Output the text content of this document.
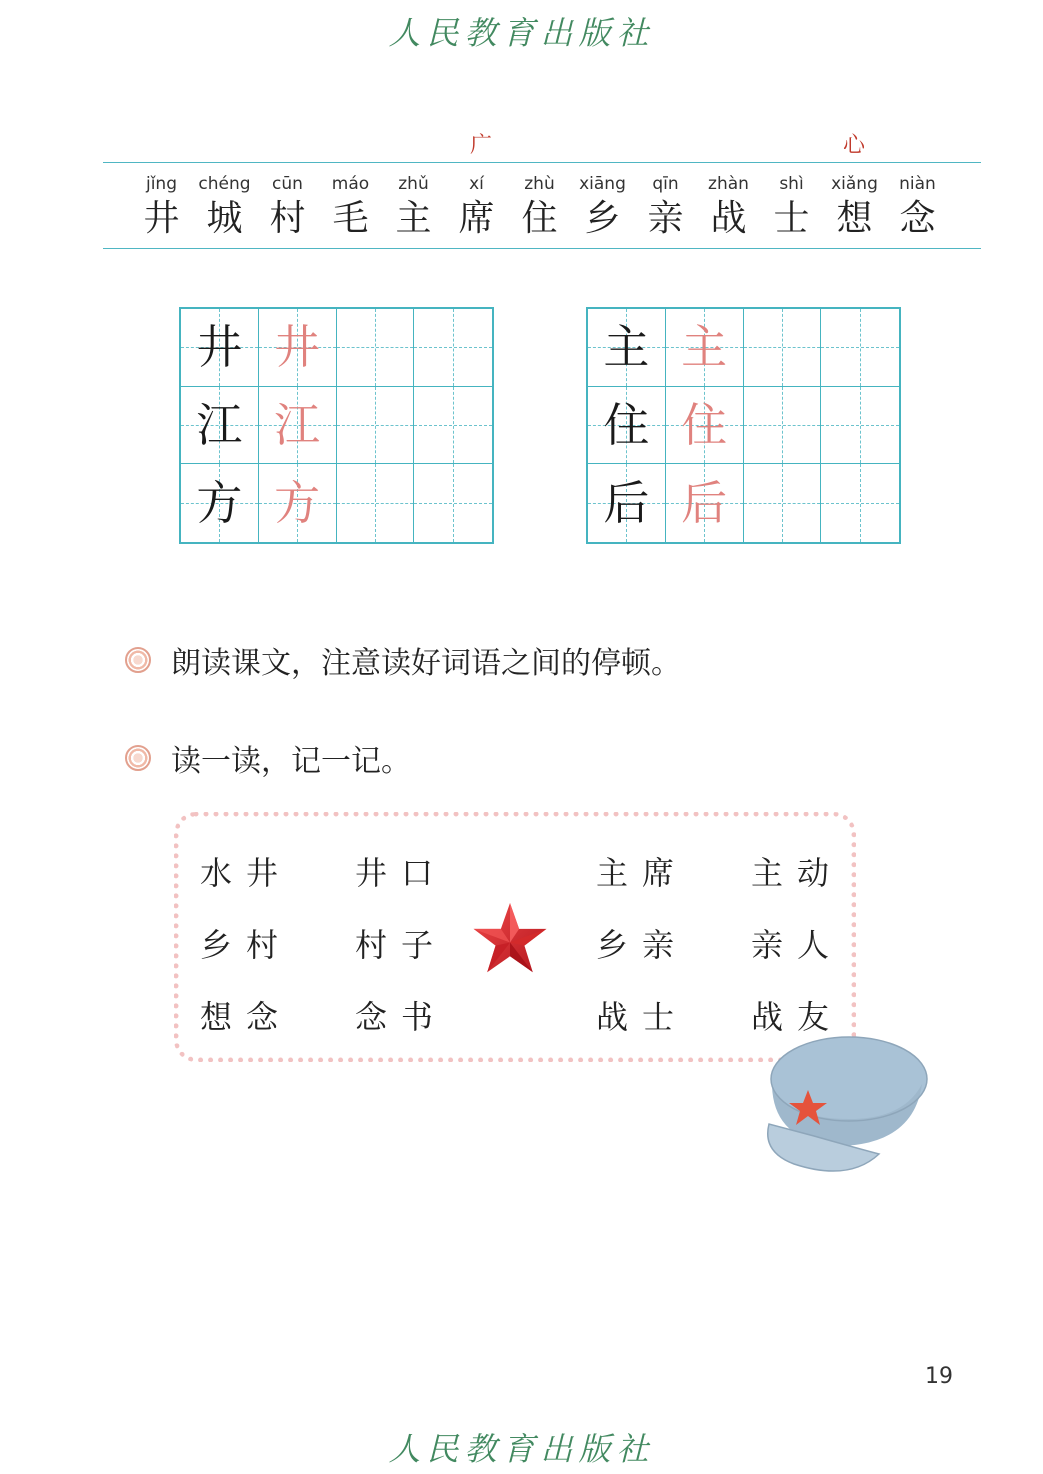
人民教育出版社
广	心
jǐng
井
chéng
城
cūn
村
máo
毛
zhǔ
主
xí
席
zhù
住
xiāng
乡
qīn
亲
zhàn
战
shì
士
xiǎng
想
niàn
念
井 井
江 江
方 方
主 主
住 住
后 后
朗读课文，注意读好词语之间的停顿。
读一读，记一记。
水井
乡村
想念
井口
村子
念书
主席
乡亲
战士
主动
亲人
战友
19
人民教育出版社
